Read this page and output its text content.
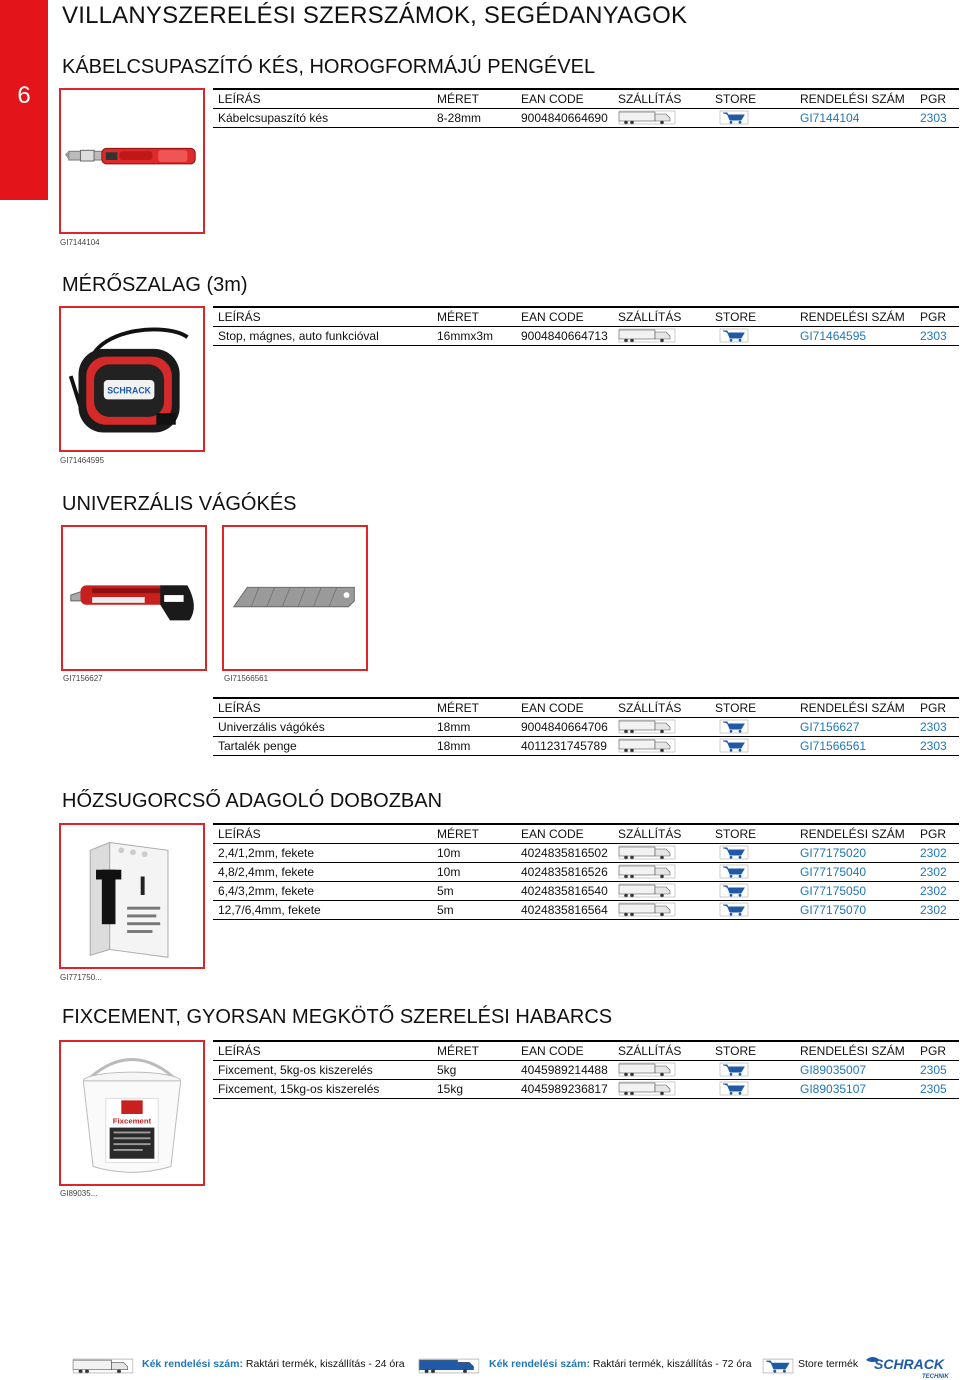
6
VILLANYSZERELÉSI SZERSZÁMOK, SEGÉDANYAGOK
KÁBELCSUPASZÍTÓ KÉS, HOROGFORMÁJÚ PENGÉVEL
GI7144104
LEÍRÁS	MÉRET	EAN CODE	SZÁLLÍTÁS	STORE	RENDELÉSI SZÁM	PGR
Kábelcsupaszító kés	8-28mm	9004840664690			GI7144104	2303
MÉRŐSZALAG (3m)
SCHRACK
GI71464595
LEÍRÁS	MÉRET	EAN CODE	SZÁLLÍTÁS	STORE	RENDELÉSI SZÁM	PGR
Stop, mágnes, auto funkcióval	16mmx3m	9004840664713			GI71464595	2303
UNIVERZÁLIS VÁGÓKÉS
GI7156627	GI71566561
LEÍRÁS	MÉRET	EAN CODE	SZÁLLÍTÁS	STORE	RENDELÉSI SZÁM	PGR
Univerzális vágókés	18mm	9004840664706			GI7156627	2303
Tartalék penge	18mm	4011231745789			GI71566561	2303
HŐZSUGORCSŐ ADAGOLÓ DOBOZBAN
I
GI771750...
LEÍRÁS	MÉRET	EAN CODE	SZÁLLÍTÁS	STORE	RENDELÉSI SZÁM	PGR
2,4/1,2mm, fekete	10m	4024835816502			GI77175020	2302
4,8/2,4mm, fekete	10m	4024835816526			GI77175040	2302
6,4/3,2mm, fekete	5m	4024835816540			GI77175050	2302
12,7/6,4mm, fekete	5m	4024835816564			GI77175070	2302
FIXCEMENT, GYORSAN MEGKÖTŐ SZERELÉSI HABARCS
Fixcement
GI89035...
LEÍRÁS	MÉRET	EAN CODE	SZÁLLÍTÁS	STORE	RENDELÉSI SZÁM	PGR
Fixcement, 5kg-os kiszerelés	5kg	4045989214488			GI89035007	2305
Fixcement, 15kg-os kiszerelés	15kg	4045989236817			GI89035107	2305
Kék rendelési szám: Raktári termék, kiszállítás - 24 óra	Kék rendelési szám: Raktári termék, kiszállítás - 72 óra	Store termék SCHRACK
TECHNIK
